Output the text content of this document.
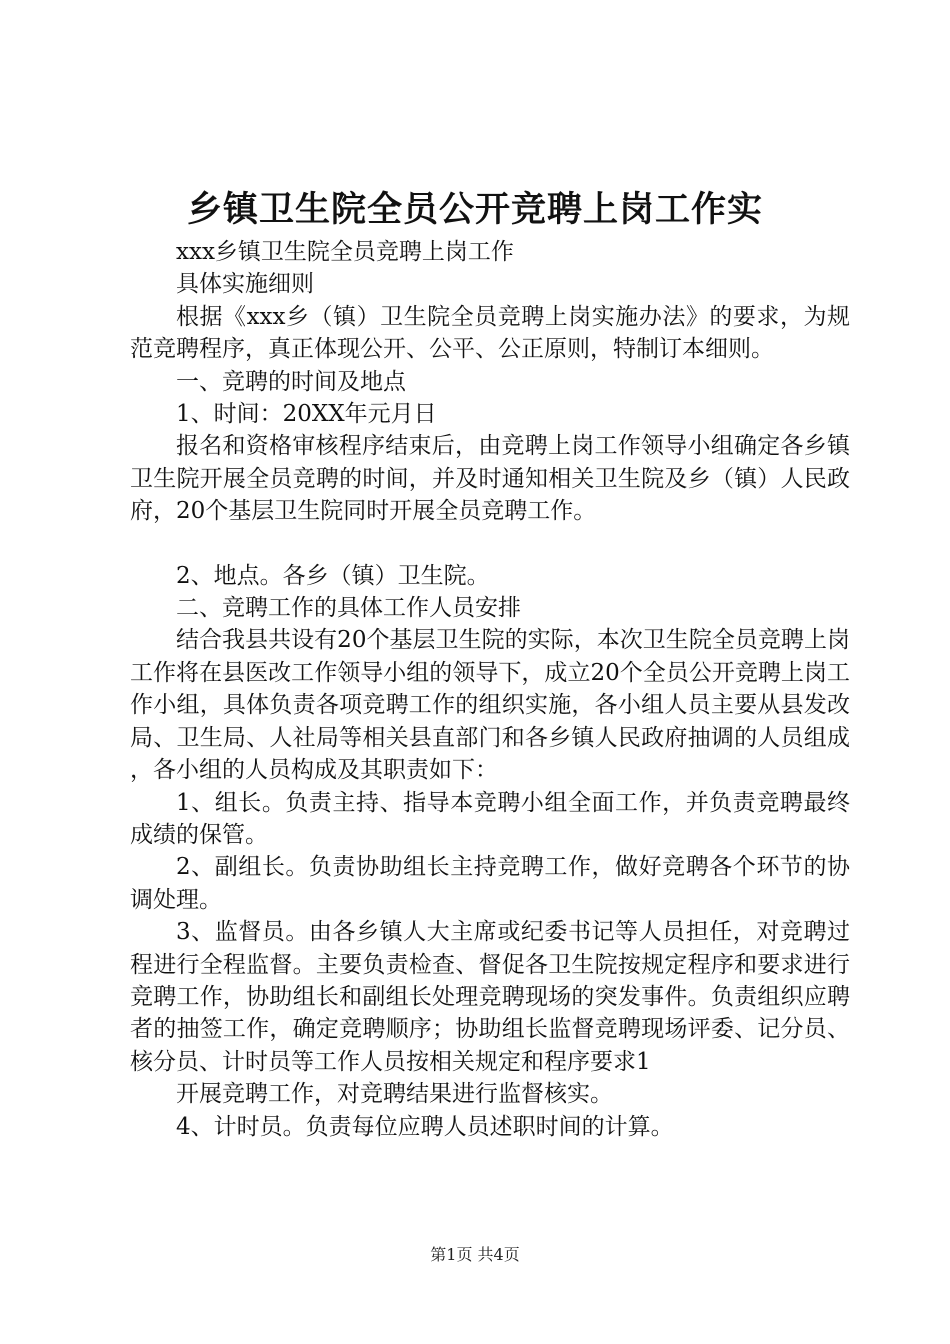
乡镇卫生院全员公开竞聘上岗工作实

xxx乡镇卫生院全员竞聘上岗工作

具体实施细则

根据《xxx乡（镇）卫生院全员竞聘上岗实施办法》的要求，为规范竞聘程序，真正体现公开、公平、公正原则，特制订本细则。

一、竞聘的时间及地点

1、时间：20XX年元月日

报名和资格审核程序结束后，由竞聘上岗工作领导小组确定各乡镇卫生院开展全员竞聘的时间，并及时通知相关卫生院及乡（镇）人民政府，20个基层卫生院同时开展全员竞聘工作。

2、地点。各乡（镇）卫生院。

二、竞聘工作的具体工作人员安排

结合我县共设有20个基层卫生院的实际，本次卫生院全员竞聘上岗工作将在县医改工作领导小组的领导下，成立20个全员公开竞聘上岗工作小组，具体负责各项竞聘工作的组织实施，各小组人员主要从县发改局、卫生局、人社局等相关县直部门和各乡镇人民政府抽调的人员组成，各小组的人员构成及其职责如下：

1、组长。负责主持、指导本竞聘小组全面工作，并负责竞聘最终成绩的保管。

2、副组长。负责协助组长主持竞聘工作，做好竞聘各个环节的协调处理。

3、监督员。由各乡镇人大主席或纪委书记等人员担任，对竞聘过程进行全程监督。主要负责检查、督促各卫生院按规定程序和要求进行竞聘工作，协助组长和副组长处理竞聘现场的突发事件。负责组织应聘者的抽签工作，确定竞聘顺序；协助组长监督竞聘现场评委、记分员、核分员、计时员等工作人员按相关规定和程序要求1

开展竞聘工作，对竞聘结果进行监督核实。

4、计时员。负责每位应聘人员述职时间的计算。

第1页 共4页
